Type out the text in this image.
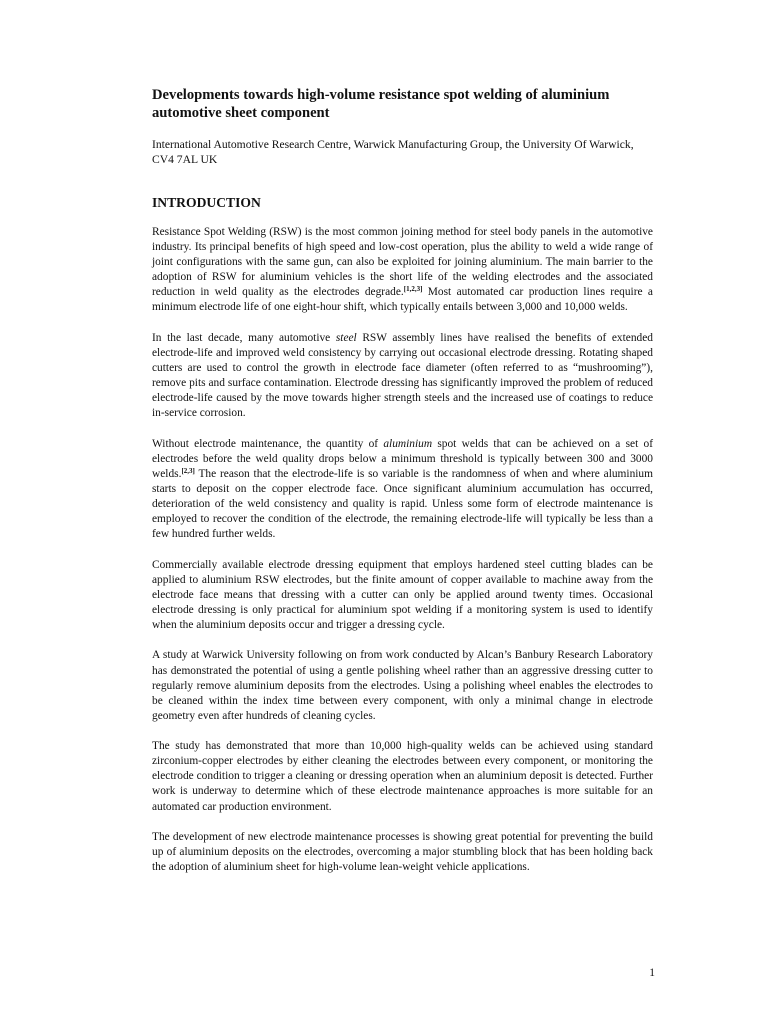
Developments towards high-volume resistance spot welding of aluminium automotive sheet component

International Automotive Research Centre, Warwick Manufacturing Group, the University Of Warwick, CV4 7AL UK

INTRODUCTION

Resistance Spot Welding (RSW) is the most common joining method for steel body panels in the automotive industry. Its principal benefits of high speed and low-cost operation, plus the ability to weld a wide range of joint configurations with the same gun, can also be exploited for joining aluminium. The main barrier to the adoption of RSW for aluminium vehicles is the short life of the welding electrodes and the associated reduction in weld quality as the electrodes degrade.[1,2,3] Most automated car production lines require a minimum electrode life of one eight-hour shift, which typically entails between 3,000 and 10,000 welds.

In the last decade, many automotive steel RSW assembly lines have realised the benefits of extended electrode-life and improved weld consistency by carrying out occasional electrode dressing. Rotating shaped cutters are used to control the growth in electrode face diameter (often referred to as “mushrooming”), remove pits and surface contamination. Electrode dressing has significantly improved the problem of reduced electrode-life caused by the move towards higher strength steels and the increased use of coatings to reduce in-service corrosion.

Without electrode maintenance, the quantity of aluminium spot welds that can be achieved on a set of electrodes before the weld quality drops below a minimum threshold is typically between 300 and 3000 welds.[2,3] The reason that the electrode-life is so variable is the randomness of when and where aluminium starts to deposit on the copper electrode face. Once significant aluminium accumulation has occurred, deterioration of the weld consistency and quality is rapid. Unless some form of electrode maintenance is employed to recover the condition of the electrode, the remaining electrode-life will typically be less than a few hundred further welds.

Commercially available electrode dressing equipment that employs hardened steel cutting blades can be applied to aluminium RSW electrodes, but the finite amount of copper available to machine away from the electrode face means that dressing with a cutter can only be applied around twenty times. Occasional electrode dressing is only practical for aluminium spot welding if a monitoring system is used to identify when the aluminium deposits occur and trigger a dressing cycle.

A study at Warwick University following on from work conducted by Alcan’s Banbury Research Laboratory has demonstrated the potential of using a gentle polishing wheel rather than an aggressive dressing cutter to regularly remove aluminium deposits from the electrodes. Using a polishing wheel enables the electrodes to be cleaned within the index time between every component, with only a minimal change in electrode geometry even after hundreds of cleaning cycles.

The study has demonstrated that more than 10,000 high-quality welds can be achieved using standard zirconium-copper electrodes by either cleaning the electrodes between every component, or monitoring the electrode condition to trigger a cleaning or dressing operation when an aluminium deposit is detected. Further work is underway to determine which of these electrode maintenance approaches is more suitable for an automated car production environment.

The development of new electrode maintenance processes is showing great potential for preventing the build up of aluminium deposits on the electrodes, overcoming a major stumbling block that has been holding back the adoption of aluminium sheet for high-volume lean-weight vehicle applications.

1
